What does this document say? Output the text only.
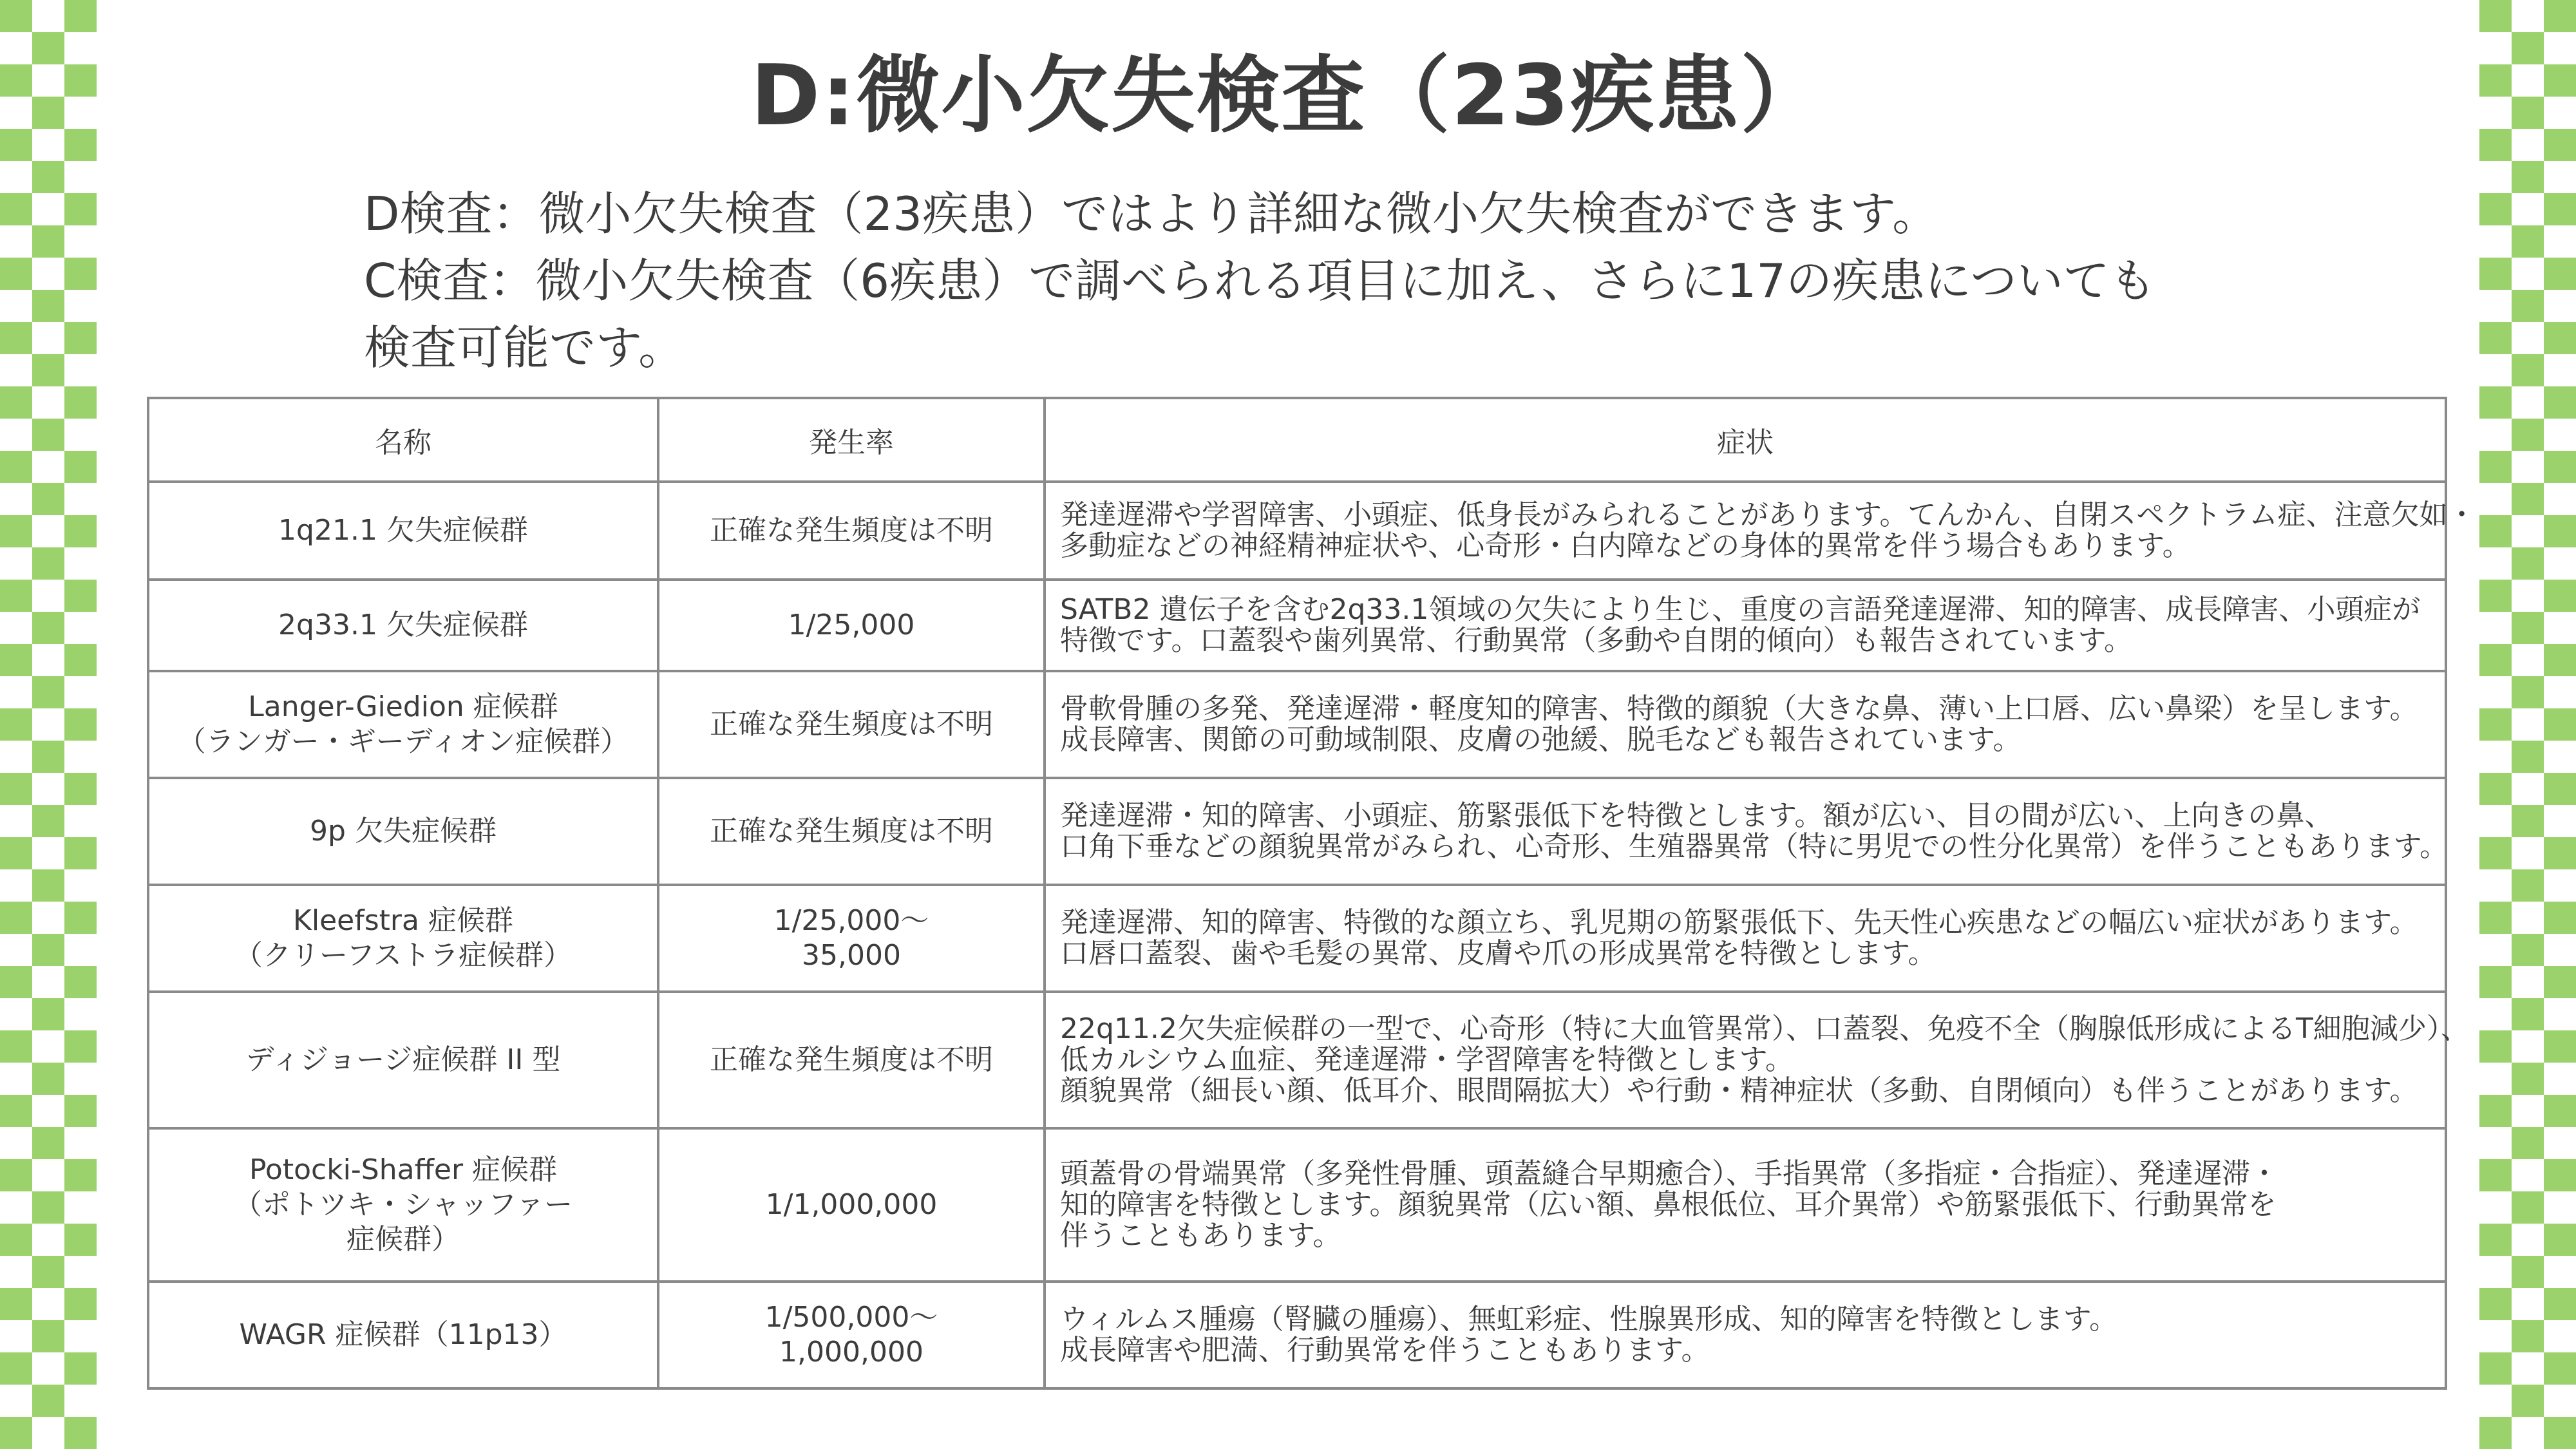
D:微小欠失検査（23疾患）
D検査：微小欠失検査（23疾患）ではより詳細な微小欠失検査ができます。
C検査：微小欠失検査（6疾患）で調べられる項目に加え、さらに17の疾患についても
検査可能です。
名称	発生率	症状

1q21.1 欠失症候群	正確な発生頻度は不明	発達遅滞や学習障害、小頭症、低身長がみられることがあります。てんかん、自閉スペクトラム症、注意欠如・
多動症などの神経精神症状や、心奇形・白内障などの身体的異常を伴う場合もあります。

2q33.1 欠失症候群	1/25,000	SATB2 遺伝子を含む2q33.1領域の欠失により生じ、重度の言語発達遅滞、知的障害、成長障害、小頭症が
特徴です。口蓋裂や歯列異常、行動異常（多動や自閉的傾向）も報告されています。

Langer-Giedion 症候群
（ランガー・ギーディオン症候群）	正確な発生頻度は不明	骨軟骨腫の多発、発達遅滞・軽度知的障害、特徴的顔貌（大きな鼻、薄い上口唇、広い鼻梁）を呈します。
成長障害、関節の可動域制限、皮膚の弛緩、脱毛なども報告されています。

9p 欠失症候群	正確な発生頻度は不明	発達遅滞・知的障害、小頭症、筋緊張低下を特徴とします。額が広い、目の間が広い、上向きの鼻、
口角下垂などの顔貌異常がみられ、心奇形、生殖器異常（特に男児での性分化異常）を伴うこともあります。

Kleefstra 症候群
（クリーフストラ症候群）	1/25,000～
35,000	発達遅滞、知的障害、特徴的な顔立ち、乳児期の筋緊張低下、先天性心疾患などの幅広い症状があります。
口唇口蓋裂、歯や毛髪の異常、皮膚や爪の形成異常を特徴とします。

ディジョージ症候群 II 型	正確な発生頻度は不明	22q11.2欠失症候群の一型で、心奇形（特に大血管異常）、口蓋裂、免疫不全（胸腺低形成によるT細胞減少）、
低カルシウム血症、発達遅滞・学習障害を特徴とします。
顔貌異常（細長い顔、低耳介、眼間隔拡大）や行動・精神症状（多動、自閉傾向）も伴うことがあります。

Potocki-Shaffer 症候群
（ポトツキ・シャッファー
症候群）	1/1,000,000	頭蓋骨の骨端異常（多発性骨腫、頭蓋縫合早期癒合）、手指異常（多指症・合指症）、発達遅滞・
知的障害を特徴とします。顔貌異常（広い額、鼻根低位、耳介異常）や筋緊張低下、行動異常を
伴うこともあります。

WAGR 症候群（11p13）	1/500,000～
1,000,000	ウィルムス腫瘍（腎臓の腫瘍）、無虹彩症、性腺異形成、知的障害を特徴とします。
成長障害や肥満、行動異常を伴うこともあります。
